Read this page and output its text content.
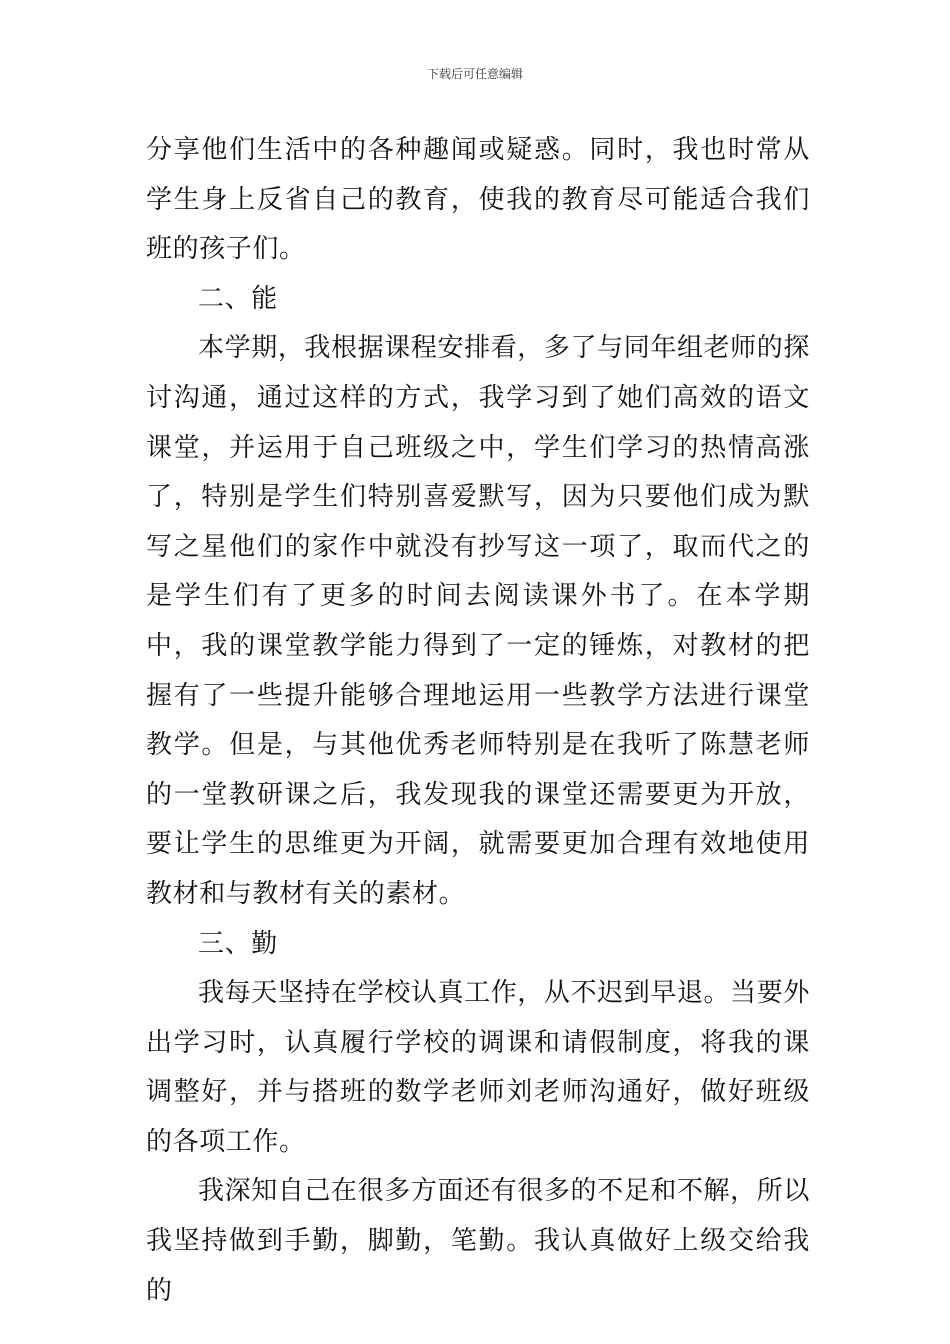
下载后可任意编辑

分享他们生活中的各种趣闻或疑惑。同时，我也时常从学生身上反省自己的教育，使我的教育尽可能适合我们班的孩子们。

二、能

本学期，我根据课程安排看，多了与同年组老师的探讨沟通，通过这样的方式，我学习到了她们高效的语文课堂，并运用于自己班级之中，学生们学习的热情高涨了，特别是学生们特别喜爱默写，因为只要他们成为默写之星他们的家作中就没有抄写这一项了，取而代之的是学生们有了更多的时间去阅读课外书了。在本学期中，我的课堂教学能力得到了一定的锤炼，对教材的把握有了一些提升能够合理地运用一些教学方法进行课堂教学。但是，与其他优秀老师特别是在我听了陈慧老师的一堂教研课之后，我发现我的课堂还需要更为开放，要让学生的思维更为开阔，就需要更加合理有效地使用教材和与教材有关的素材。

三、勤

我每天坚持在学校认真工作，从不迟到早退。当要外出学习时，认真履行学校的调课和请假制度，将我的课调整好，并与搭班的数学老师刘老师沟通好，做好班级的各项工作。

我深知自己在很多方面还有很多的不足和不解，所以我坚持做到手勤，脚勤，笔勤。我认真做好上级交给我的
